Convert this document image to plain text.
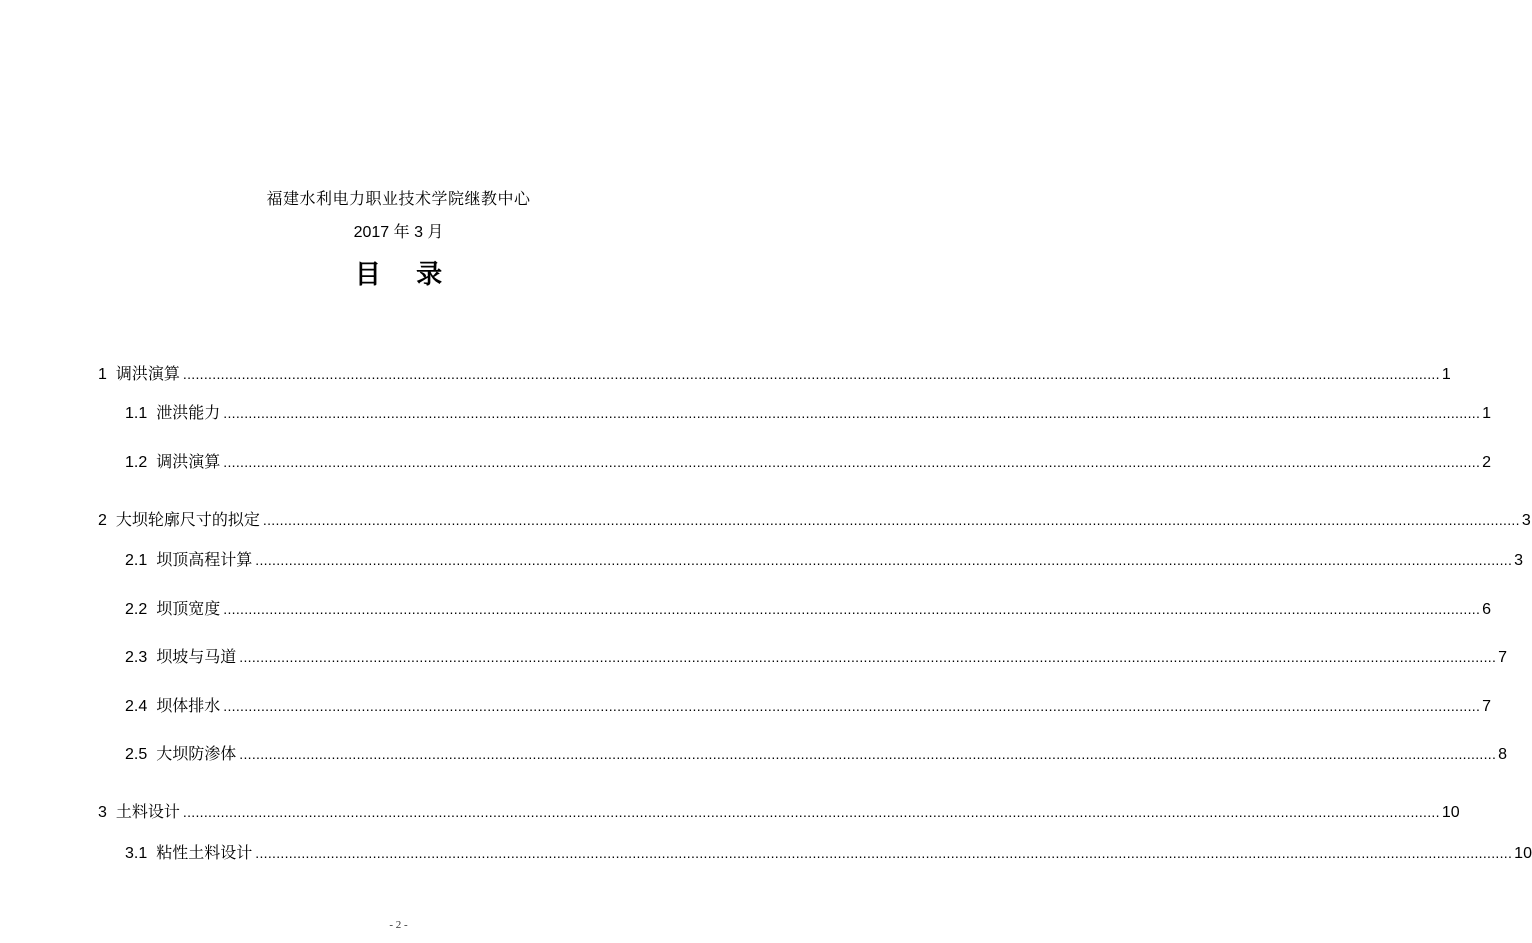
福建水利电力职业技术学院继教中心
2017 年 3 月
目 录
1 调洪演算 ............................................................................................................................................................................................................................................................................................................ 1
1.1 泄洪能力 ............................................................................................................................................................................................................................................................................................................ 1
1.2 调洪演算 ............................................................................................................................................................................................................................................................................................................ 2
2 大坝轮廓尺寸的拟定 ............................................................................................................................................................................................................................................................................................................ 3
2.1 坝顶高程计算 ............................................................................................................................................................................................................................................................................................................ 3
2.2 坝顶宽度 ............................................................................................................................................................................................................................................................................................................ 6
2.3 坝坡与马道 ............................................................................................................................................................................................................................................................................................................ 7
2.4 坝体排水 ............................................................................................................................................................................................................................................................................................................ 7
2.5 大坝防渗体 ............................................................................................................................................................................................................................................................................................................ 8
3 土料设计 ............................................................................................................................................................................................................................................................................................................ 10
3.1 粘性土料设计 ............................................................................................................................................................................................................................................................................................................ 10
- 2 -
